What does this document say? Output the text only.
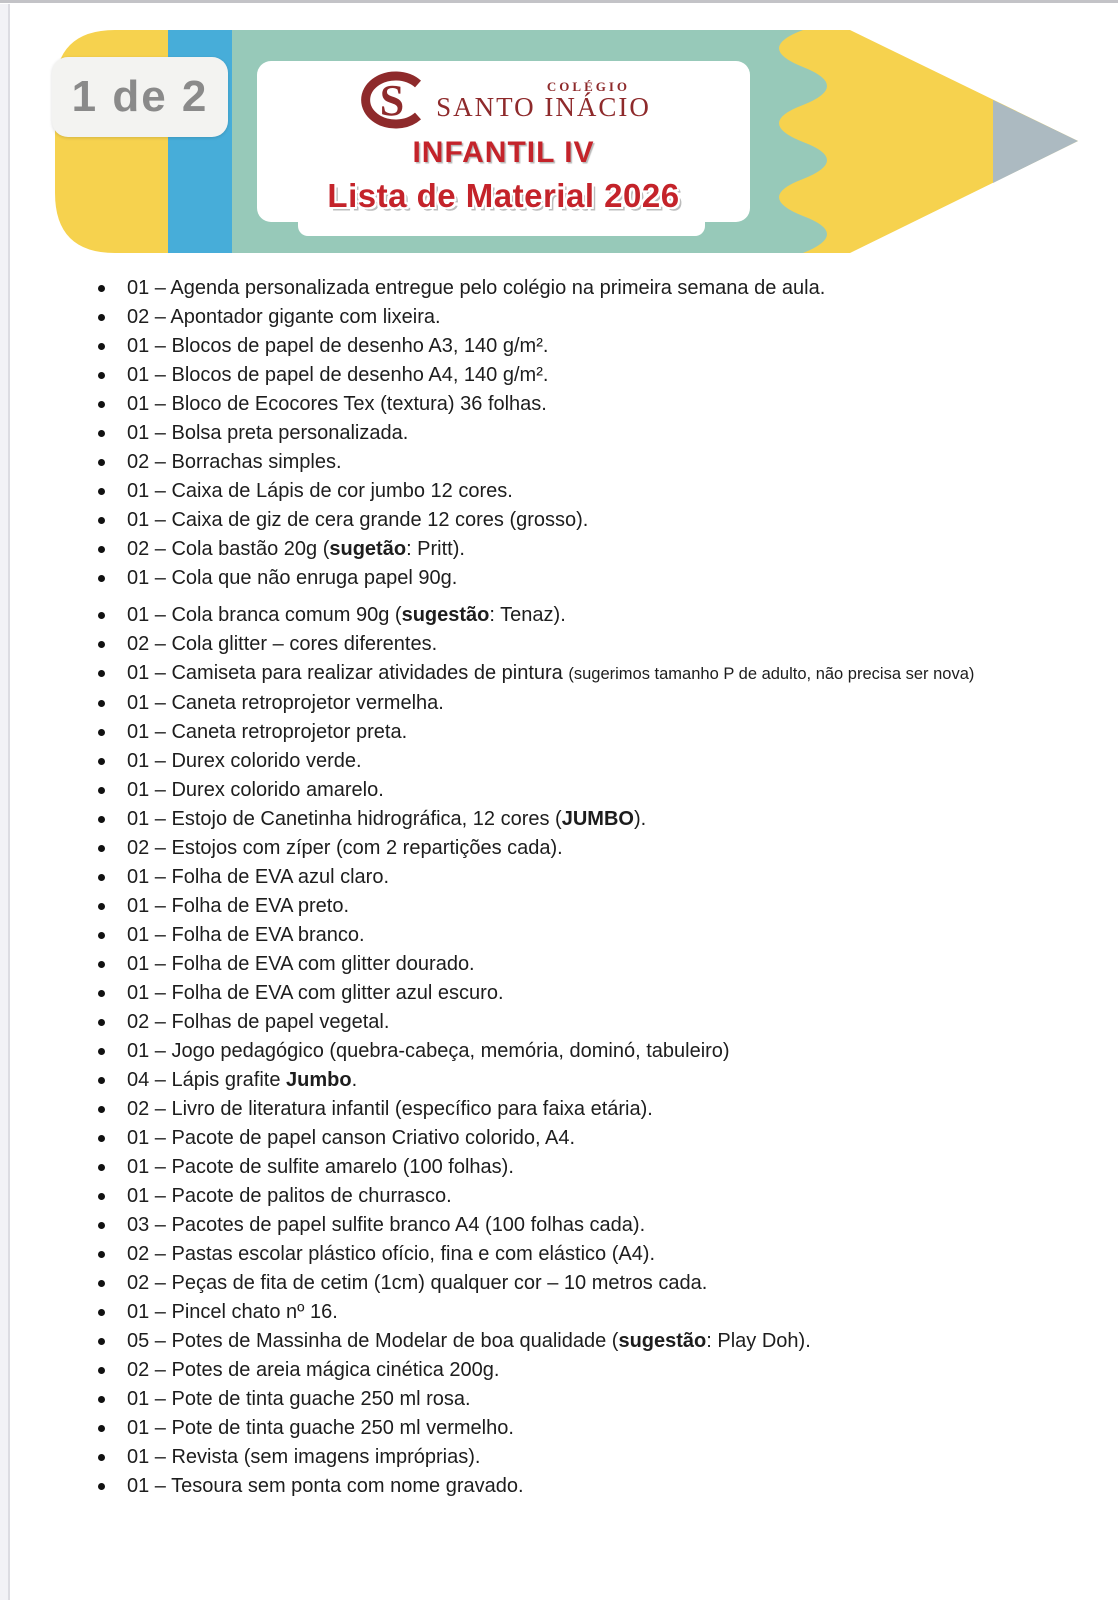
1 de 2	S	COLÉGIO
SANTO INÁCIO
INFANTIL IV
Lista de Material 2026
01 – Agenda personalizada entregue pelo colégio na primeira semana de aula.
02 – Apontador gigante com lixeira.
01 – Blocos de papel de desenho A3, 140 g/m².
01 – Blocos de papel de desenho A4, 140 g/m².
01 – Bloco de Ecocores Tex (textura) 36 folhas.
01 – Bolsa preta personalizada.
02 – Borrachas simples.
01 – Caixa de Lápis de cor jumbo 12 cores.
01 – Caixa de giz de cera grande 12 cores (grosso).
02 – Cola bastão 20g (sugetão: Pritt).
01 – Cola que não enruga papel 90g.
01 – Cola branca comum 90g (sugestão: Tenaz).
02 – Cola glitter – cores diferentes.
01 – Camiseta para realizar atividades de pintura (sugerimos tamanho P de adulto, não precisa ser nova)
01 – Caneta retroprojetor vermelha.
01 – Caneta retroprojetor preta.
01 – Durex colorido verde.
01 – Durex colorido amarelo.
01 – Estojo de Canetinha hidrográfica, 12 cores (JUMBO).
02 – Estojos com zíper (com 2 repartições cada).
01 – Folha de EVA azul claro.
01 – Folha de EVA preto.
01 – Folha de EVA branco.
01 – Folha de EVA com glitter dourado.
01 – Folha de EVA com glitter azul escuro.
02 – Folhas de papel vegetal.
01 – Jogo pedagógico (quebra-cabeça, memória, dominó, tabuleiro)
04 – Lápis grafite Jumbo.
02 – Livro de literatura infantil (específico para faixa etária).
01 – Pacote de papel canson Criativo colorido, A4.
01 – Pacote de sulfite amarelo (100 folhas).
01 – Pacote de palitos de churrasco.
03 – Pacotes de papel sulfite branco A4 (100 folhas cada).
02 – Pastas escolar plástico ofício, fina e com elástico (A4).
02 – Peças de fita de cetim (1cm) qualquer cor – 10 metros cada.
01 – Pincel chato nº 16.
05 – Potes de Massinha de Modelar de boa qualidade (sugestão: Play Doh).
02 – Potes de areia mágica cinética 200g.
01 – Pote de tinta guache 250 ml rosa.
01 – Pote de tinta guache 250 ml vermelho.
01 – Revista (sem imagens impróprias).
01 – Tesoura sem ponta com nome gravado.
